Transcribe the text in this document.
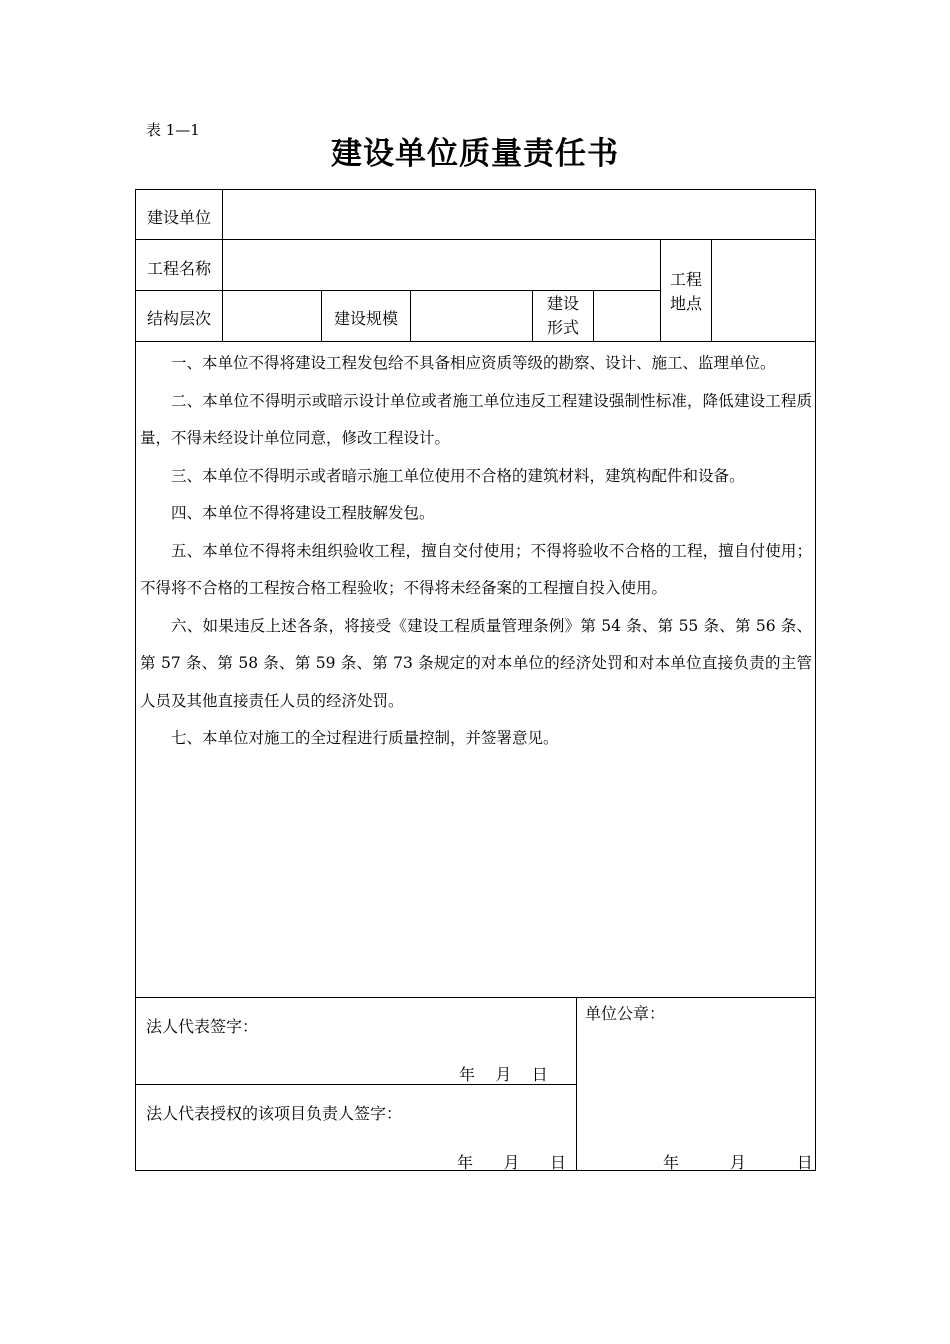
表 1—1
建设单位质量责任书
建设单位
工程名称
工程
地点
结构层次	建设规模
建设
形式

一、本单位不得将建设工程发包给不具备相应资质等级的勘察、设计、施工、监理单位。

二、本单位不得明示或暗示设计单位或者施工单位违反工程建设强制性标准，降低建设工程质量，不得未经设计单位同意，修改工程设计。

三、本单位不得明示或者暗示施工单位使用不合格的建筑材料，建筑构配件和设备。

四、本单位不得将建设工程肢解发包。

五、本单位不得将未组织验收工程，擅自交付使用；不得将验收不合格的工程，擅自付使用；不得将不合格的工程按合格工程验收；不得将未经备案的工程擅自投入使用。

六、如果违反上述各条，将接受《建设工程质量管理条例》第 54 条、第 55 条、第 56 条、第 57 条、第 58 条、第 59 条、第 73 条规定的对本单位的经济处罚和对本单位直接负责的主管人员及其他直接责任人员的经济处罚。

七、本单位对施工的全过程进行质量控制，并签署意见。

法人代表签字：
年    月    日
法人代表授权的该项目负责人签字：
年      月      日
单位公章：
年          月          日
